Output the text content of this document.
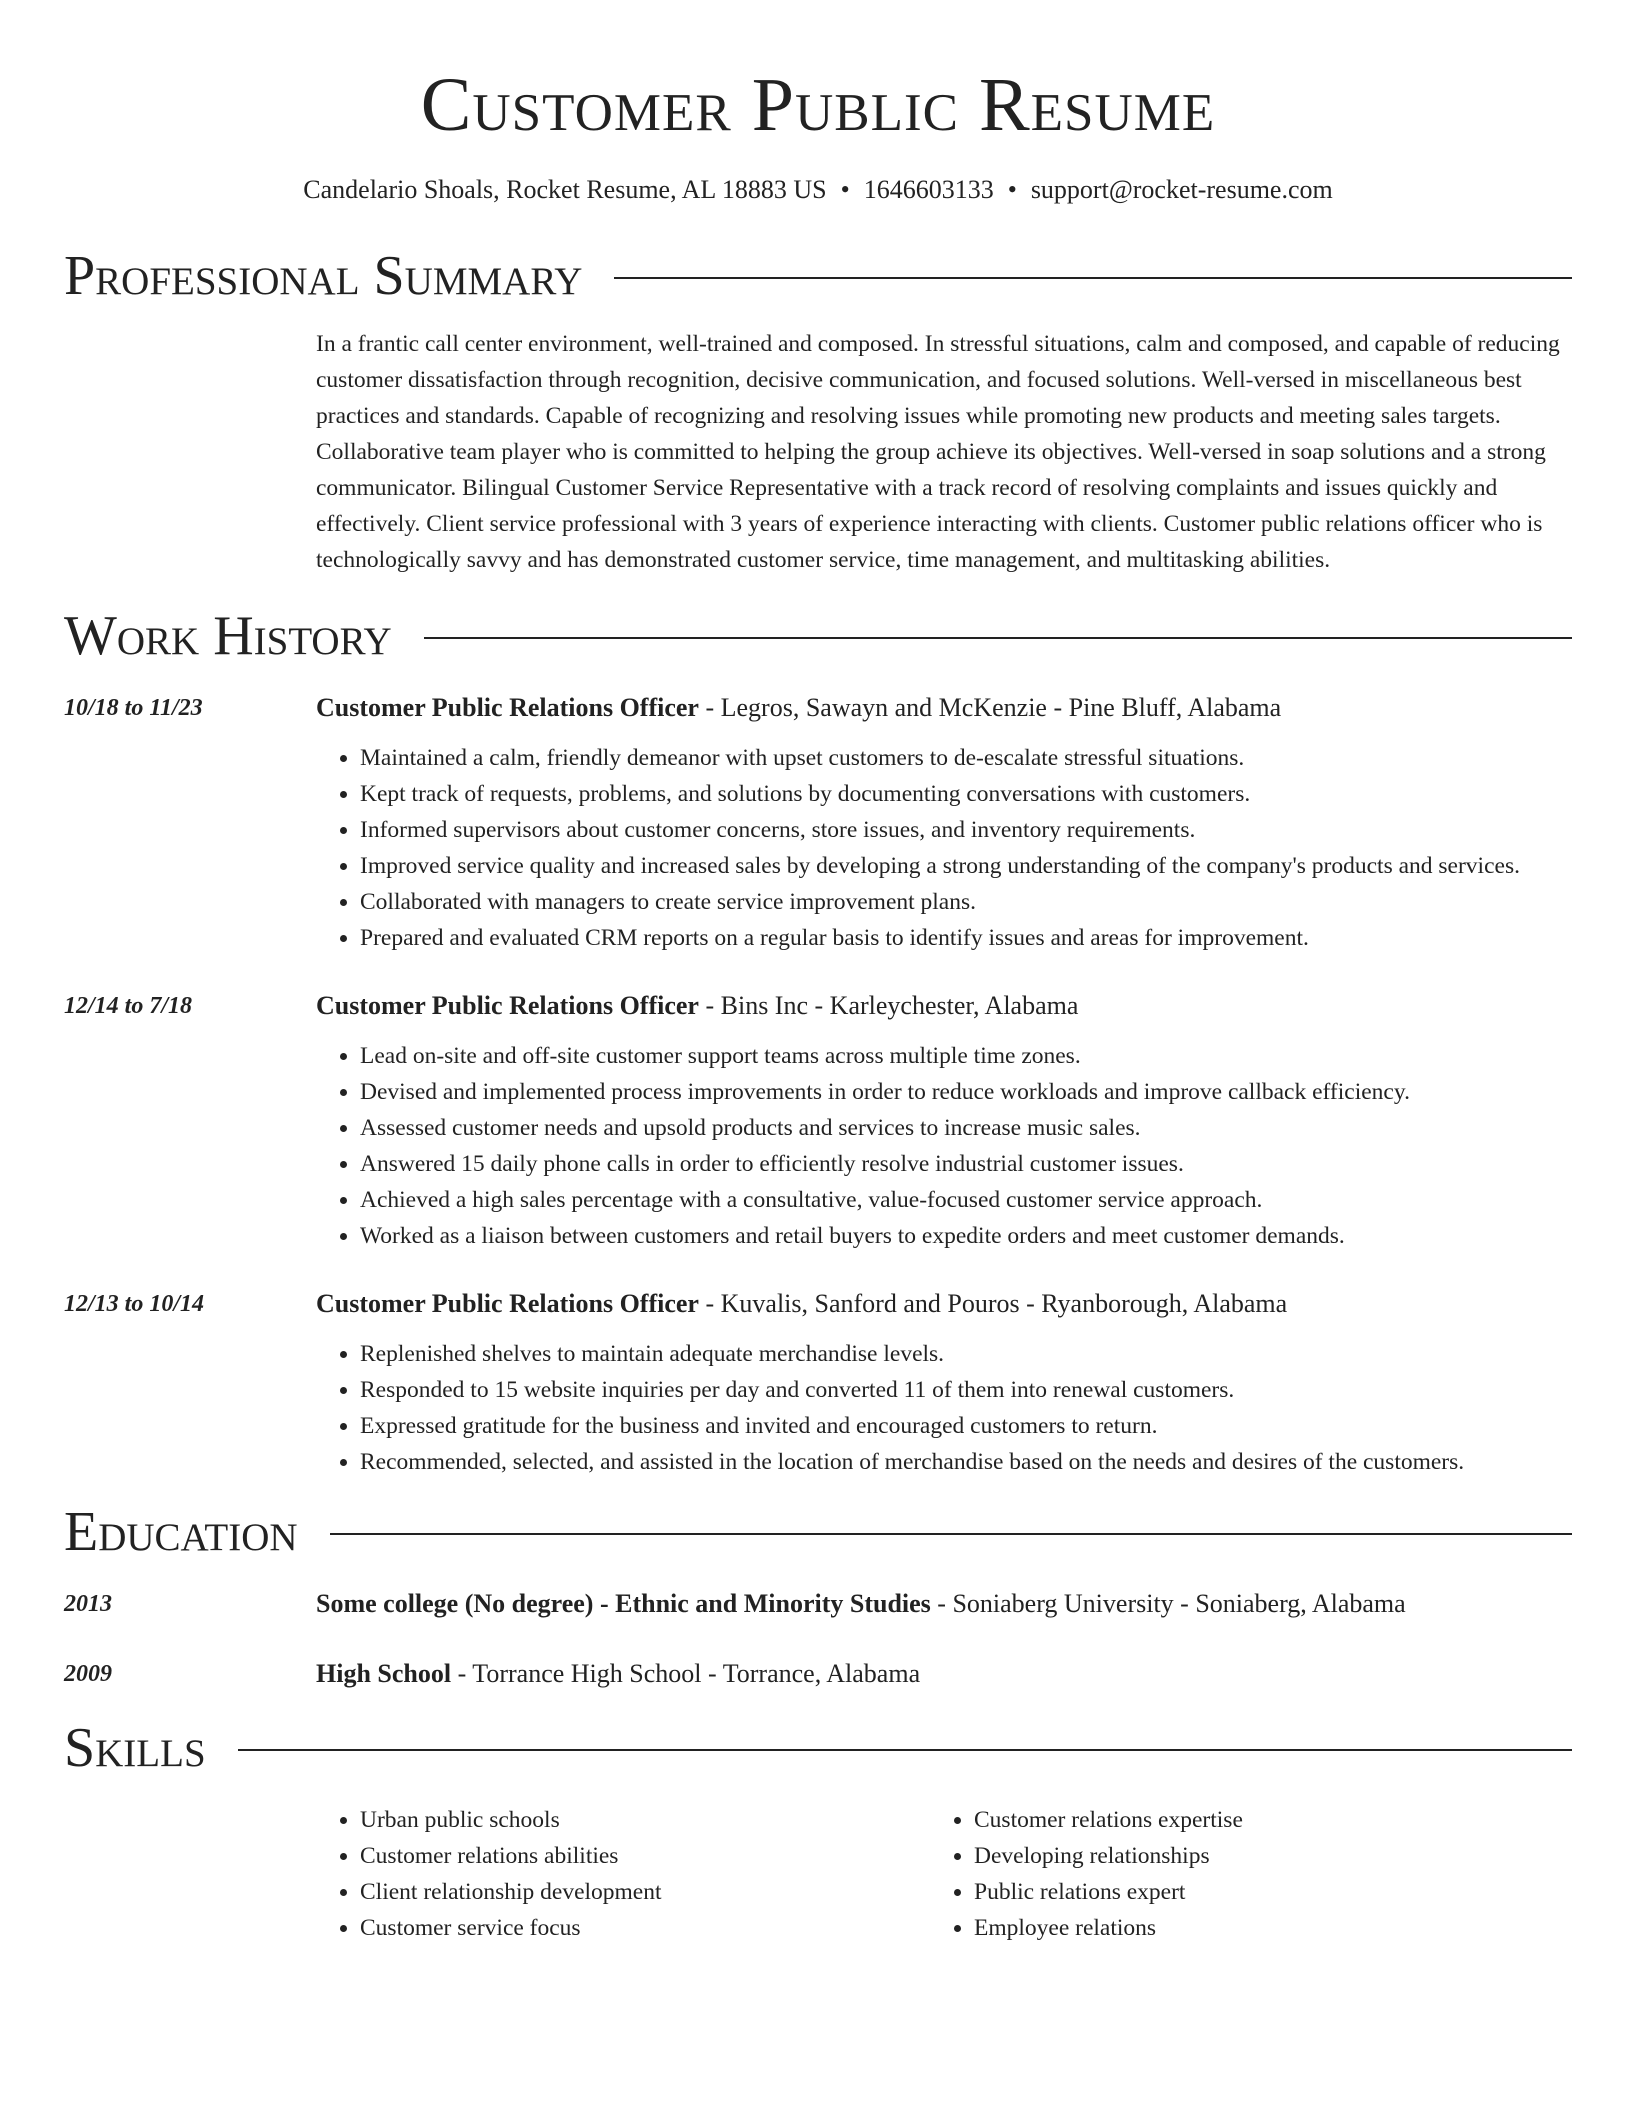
Customer Public Resume
Candelario Shoals, Rocket Resume, AL 18883 US • 1646603133 • support@rocket-resume.com
Professional Summary
In a frantic call center environment, well-trained and composed. In stressful situations, calm and composed, and capable of reducing customer dissatisfaction through recognition, decisive communication, and focused solutions. Well-versed in miscellaneous best practices and standards. Capable of recognizing and resolving issues while promoting new products and meeting sales targets. Collaborative team player who is committed to helping the group achieve its objectives. Well-versed in soap solutions and a strong communicator. Bilingual Customer Service Representative with a track record of resolving complaints and issues quickly and effectively. Client service professional with 3 years of experience interacting with clients. Customer public relations officer who is technologically savvy and has demonstrated customer service, time management, and multitasking abilities.
Work History
10/18 to 11/23	Customer Public Relations Officer - Legros, Sawayn and McKenzie - Pine Bluff, Alabama
• Maintained a calm, friendly demeanor with upset customers to de-escalate stressful situations.
• Kept track of requests, problems, and solutions by documenting conversations with customers.
• Informed supervisors about customer concerns, store issues, and inventory requirements.
• Improved service quality and increased sales by developing a strong understanding of the company's products and services.
• Collaborated with managers to create service improvement plans.
• Prepared and evaluated CRM reports on a regular basis to identify issues and areas for improvement.
12/14 to 7/18	Customer Public Relations Officer - Bins Inc - Karleychester, Alabama
• Lead on-site and off-site customer support teams across multiple time zones.
• Devised and implemented process improvements in order to reduce workloads and improve callback efficiency.
• Assessed customer needs and upsold products and services to increase music sales.
• Answered 15 daily phone calls in order to efficiently resolve industrial customer issues.
• Achieved a high sales percentage with a consultative, value-focused customer service approach.
• Worked as a liaison between customers and retail buyers to expedite orders and meet customer demands.
12/13 to 10/14	Customer Public Relations Officer - Kuvalis, Sanford and Pouros - Ryanborough, Alabama
• Replenished shelves to maintain adequate merchandise levels.
• Responded to 15 website inquiries per day and converted 11 of them into renewal customers.
• Expressed gratitude for the business and invited and encouraged customers to return.
• Recommended, selected, and assisted in the location of merchandise based on the needs and desires of the customers.
Education
2013	Some college (No degree) - Ethnic and Minority Studies - Soniaberg University - Soniaberg, Alabama
2009	High School - Torrance High School - Torrance, Alabama
Skills
• Urban public schools
• Customer relations abilities
• Client relationship development
• Customer service focus
• Customer relations expertise
• Developing relationships
• Public relations expert
• Employee relations
